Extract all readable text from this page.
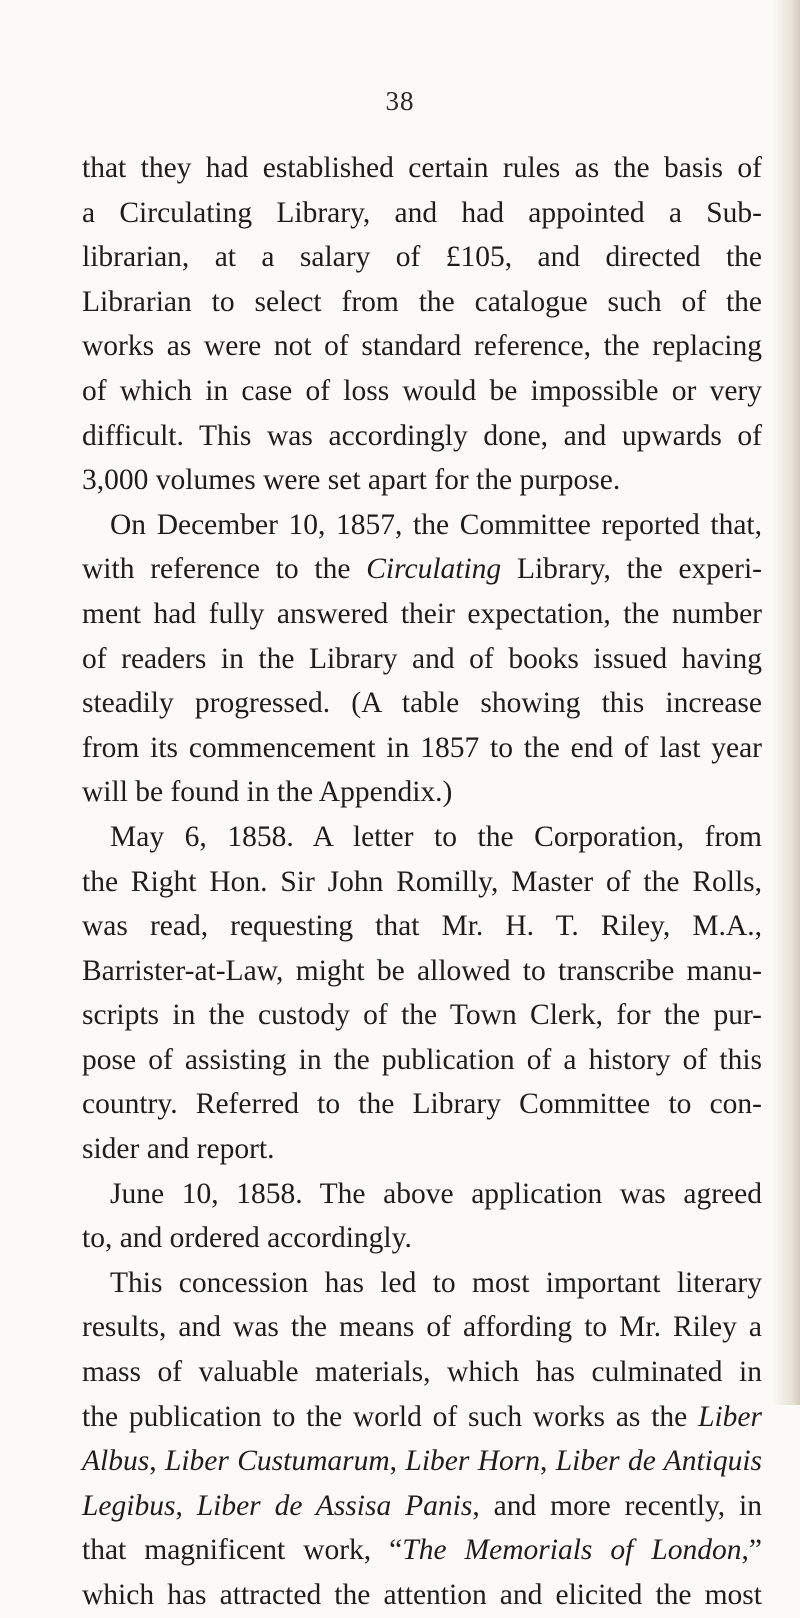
38
that they had established certain rules as the basis of
a Circulating Library, and had appointed a Sub-
librarian, at a salary of £105, and directed the
Librarian to select from the catalogue such of the
works as were not of standard reference, the replacing
of which in case of loss would be impossible or very
difficult. This was accordingly done, and upwards of
3,000 volumes were set apart for the purpose.
On December 10, 1857, the Committee reported that,
with reference to the Circulating Library, the experi-
ment had fully answered their expectation, the number
of readers in the Library and of books issued having
steadily progressed. (A table showing this increase
from its commencement in 1857 to the end of last year
will be found in the Appendix.)
May 6, 1858. A letter to the Corporation, from
the Right Hon. Sir John Romilly, Master of the Rolls,
was read, requesting that Mr. H. T. Riley, M.A.,
Barrister-at-Law, might be allowed to transcribe manu-
scripts in the custody of the Town Clerk, for the pur-
pose of assisting in the publication of a history of this
country. Referred to the Library Committee to con-
sider and report.
June 10, 1858. The above application was agreed
to, and ordered accordingly.
This concession has led to most important literary
results, and was the means of affording to Mr. Riley a
mass of valuable materials, which has culminated in
the publication to the world of such works as the Liber
Albus, Liber Custumarum, Liber Horn, Liber de Antiquis
Legibus, Liber de Assisa Panis, and more recently, in
that magnificent work, “The Memorials of London,”
which has attracted the attention and elicited the most
